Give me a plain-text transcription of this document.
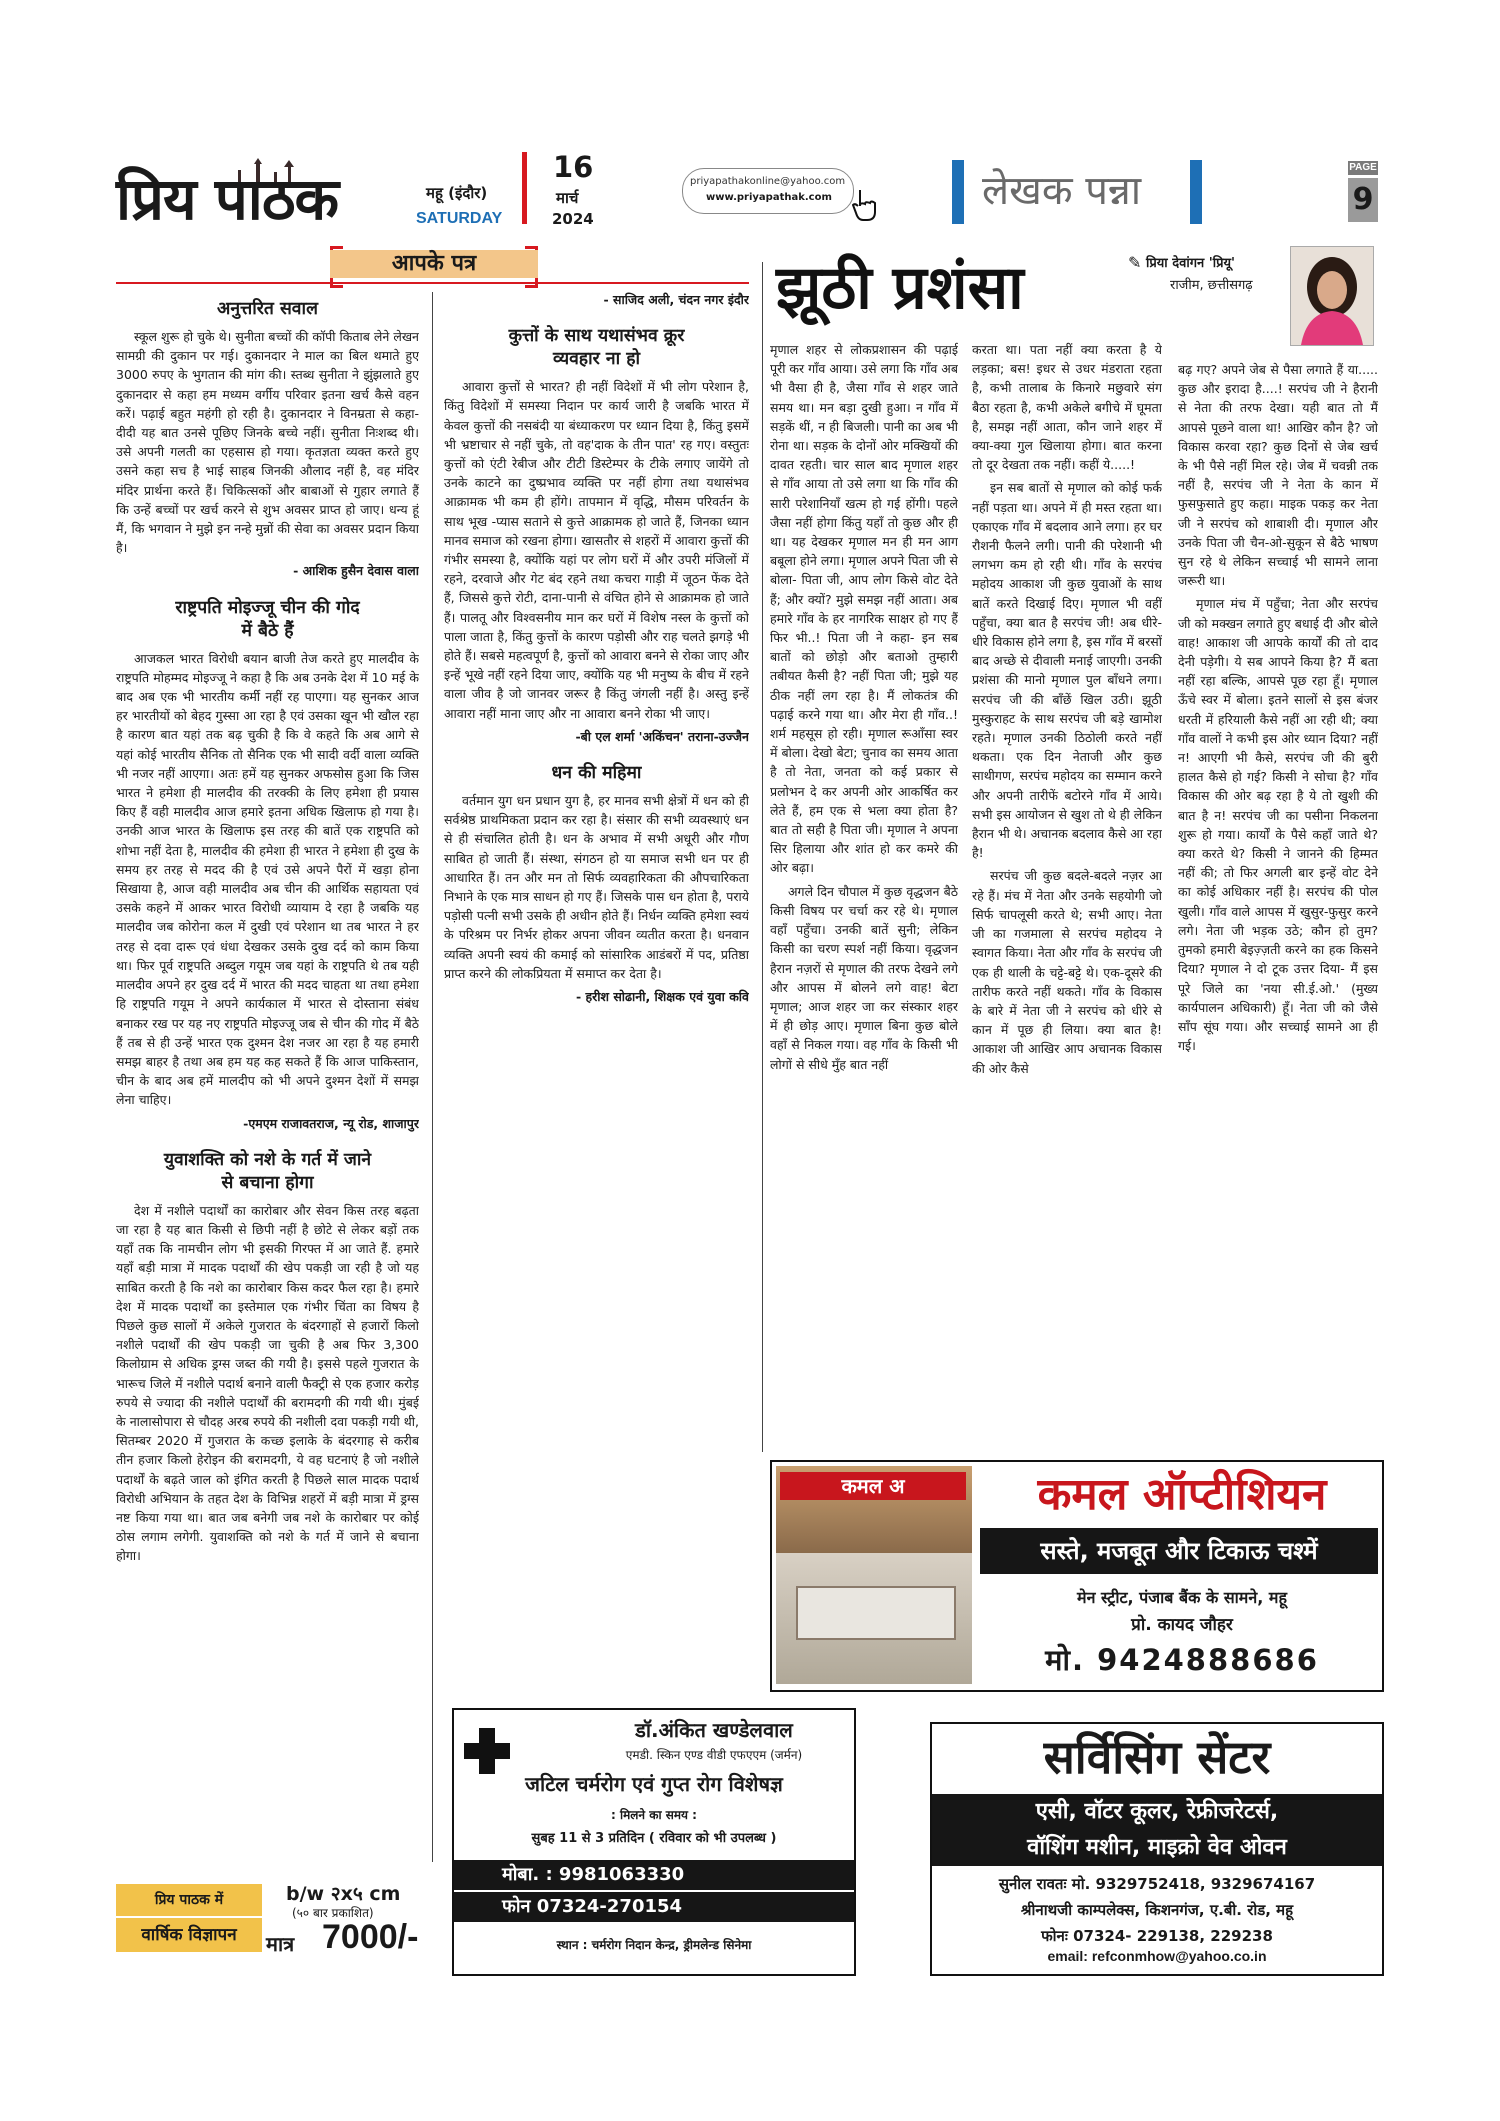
प्रिय पाठक	महू (इंदौर)
SATURDAY
16
मार्च
2024
priyapathakonline@yahoo.com
www.priyapathak.com	लेखक पन्ना
PAGE
9
आपके पत्र
अनुत्तरित सवाल

स्कूल शुरू हो चुके थे। सुनीता बच्चों की कॉपी किताब लेने लेखन सामग्री की दुकान पर गई। दुकानदार ने माल का बिल थमाते हुए 3000 रुपए के भुगतान की मांग की। स्तब्ध सुनीता ने झुंझलाते हुए दुकानदार से कहा हम मध्यम वर्गीय परिवार इतना खर्च कैसे वहन करें। पढ़ाई बहुत महंगी हो रही है। दुकानदार ने विनम्रता से कहा- दीदी यह बात उनसे पूछिए जिनके बच्चे नहीं। सुनीता निःशब्द थी। उसे अपनी गलती का एहसास हो गया। कृतज्ञता व्यक्त करते हुए उसने कहा सच है भाई साहब जिनकी औलाद नहीं है, वह मंदिर मंदिर प्रार्थना करते हैं। चिकित्सकों और बाबाओं से गुहार लगाते हैं कि उन्हें बच्चों पर खर्च करने से शुभ अवसर प्राप्त हो जाए। धन्य हूं मैं, कि भगवान ने मुझे इन नन्हे मुन्नों की सेवा का अवसर प्रदान किया है।

- आशिक हुसैन देवास वाला

राष्ट्रपति मोइज्जू चीन की गोद में बैठे हैं

आजकल भारत विरोधी बयान बाजी तेज करते हुए मालदीव के राष्ट्रपति मोहम्मद मोइज्जू ने कहा है कि अब उनके देश में 10 मई के बाद अब एक भी भारतीय कर्मी नहीं रह पाएगा। यह सुनकर आज हर भारतीयों को बेहद गुस्सा आ रहा है एवं उसका खून भी खौल रहा है कारण बात यहां तक बढ़ चुकी है कि वे कहते कि अब आगे से यहां कोई भारतीय सैनिक तो सैनिक एक भी सादी वर्दी वाला व्यक्ति भी नजर नहीं आएगा। अतः हमें यह सुनकर अफसोस हुआ कि जिस भारत ने हमेशा ही मालदीव की तरक्की के लिए हमेशा ही प्रयास किए हैं वही मालदीव आज हमारे इतना अधिक खिलाफ हो गया है। उनकी आज भारत के खिलाफ इस तरह की बातें एक राष्ट्रपति को शोभा नहीं देता है, मालदीव की हमेशा ही भारत ने हमेशा ही दुख के समय हर तरह से मदद की है एवं उसे अपने पैरों में खड़ा होना सिखाया है, आज वही मालदीव अब चीन की आर्थिक सहायता एवं उसके कहने में आकर भारत विरोधी व्यायाम दे रहा है जबकि यह मालदीव जब कोरोना कल में दुखी एवं परेशान था तब भारत ने हर तरह से दवा दारू एवं धंधा देखकर उसके दुख दर्द को काम किया था। फिर पूर्व राष्ट्रपति अब्दुल गयूम जब यहां के राष्ट्रपति थे तब यही मालदीव अपने हर दुख दर्द में भारत की मदद चाहता था तथा हमेशा हि राष्ट्रपति गयूम ने अपने कार्यकाल में भारत से दोस्ताना संबंध बनाकर रख पर यह नए राष्ट्रपति मोइज्जू जब से चीन की गोद में बैठे हैं तब से ही उन्हें भारत एक दुश्मन देश नजर आ रहा है यह हमारी समझ बाहर है तथा अब हम यह कह सकते हैं कि आज पाकिस्तान, चीन के बाद अब हमें मालदीप को भी अपने दुश्मन देशों में समझ लेना चाहिए।

-एमएम राजावतराज, न्यू रोड, शाजापुर

युवाशक्ति को नशे के गर्त में जाने से बचाना होगा

देश में नशीले पदार्थों का कारोबार और सेवन किस तरह बढ़ता जा रहा है यह बात किसी से छिपी नहीं है छोटे से लेकर बड़ों तक यहाँ तक कि नामचीन लोग भी इसकी गिरफ्त में आ जाते हैं. हमारे यहाँ बड़ी मात्रा में मादक पदार्थों की खेप पकड़ी जा रही है जो यह साबित करती है कि नशे का कारोबार किस कदर फैल रहा है। हमारे देश में मादक पदार्थों का इस्तेमाल एक गंभीर चिंता का विषय है पिछले कुछ सालों में अकेले गुजरात के बंदरगाहों से हजारों किलो नशीले पदार्थों की खेप पकड़ी जा चुकी है अब फिर 3,300 किलोग्राम से अधिक ड्रग्स जब्त की गयी है। इससे पहले गुजरात के भारूच जिले में नशीले पदार्थ बनाने वाली फैक्ट्री से एक हजार करोड़ रुपये से ज्यादा की नशीले पदार्थों की बरामदगी की गयी थी। मुंबई के नालासोपारा से चौदह अरब रुपये की नशीली दवा पकड़ी गयी थी, सितम्बर 2020 में गुजरात के कच्छ इलाके के बंदरगाह से करीब तीन हजार किलो हेरोइन की बरामदगी, ये वह घटनाएं है जो नशीले पदार्थों के बढ़ते जाल को इंगित करती है पिछले साल मादक पदार्थ विरोधी अभियान के तहत देश के विभिन्न शहरों में बड़ी मात्रा में ड्रग्स नष्ट किया गया था। बात जब बनेगी जब नशे के कारोबार पर कोई ठोस लगाम लगेगी. युवाशक्ति को नशे के गर्त में जाने से बचाना होगा।

- साजिद अली, चंदन नगर इंदौर

कुत्तों के साथ यथासंभव क्रूर व्यवहार ना हो

आवारा कुत्तों से भारत? ही नहीं विदेशों में भी लोग परेशान है, किंतु विदेशों में समस्या निदान पर कार्य जारी है जबकि भारत में केवल कुत्तों की नसबंदी या बंध्याकरण पर ध्यान दिया है, किंतु इसमें भी भ्रष्टाचार से नहीं चुके, तो वह'दाक के तीन पात' रह गए। वस्तुतः कुत्तों को एंटी रेबीज और टीटी डिस्टेम्पर के टीके लगाए जायेंगे तो उनके काटने का दुष्प्रभाव व्यक्ति पर नहीं होगा तथा यथासंभव आक्रामक भी कम ही होंगे। तापमान में वृद्धि, मौसम परिवर्तन के साथ भूख -प्यास सताने से कुत्ते आक्रामक हो जाते हैं, जिनका ध्यान मानव समाज को रखना होगा। खासतौर से शहरों में आवारा कुत्तों की गंभीर समस्या है, क्योंकि यहां पर लोग घरों में और उपरी मंजिलों में रहने, दरवाजे और गेट बंद रहने तथा कचरा गाड़ी में जूठन फेंक देते हैं, जिससे कुत्ते रोटी, दाना-पानी से वंचित होने से आक्रामक हो जाते हैं। पालतू और विश्वसनीय मान कर घरों में विशेष नस्ल के कुत्तों को पाला जाता है, किंतु कुत्तों के कारण पड़ोसी और राह चलते झगड़े भी होते हैं। सबसे महत्वपूर्ण है, कुत्तों को आवारा बनने से रोका जाए और इन्हें भूखे नहीं रहने दिया जाए, क्योंकि यह भी मनुष्य के बीच में रहने वाला जीव है जो जानवर जरूर है किंतु जंगली नहीं है। अस्तु इन्हें आवारा नहीं माना जाए और ना आवारा बनने रोका भी जाए।

-बी एल शर्मा 'अकिंचन' तराना-उज्जैन

धन की महिमा

वर्तमान युग धन प्रधान युग है, हर मानव सभी क्षेत्रों में धन को ही सर्वश्रेष्ठ प्राथमिकता प्रदान कर रहा है। संसार की सभी व्यवस्थाएं धन से ही संचालित होती है। धन के अभाव में सभी अधूरी और गौण साबित हो जाती हैं। संस्था, संगठन हो या समाज सभी धन पर ही आधारित हैं। तन और मन तो सिर्फ व्यवहारिकता की औपचारिकता निभाने के एक मात्र साधन हो गए हैं। जिसके पास धन होता है, पराये पड़ोसी पत्नी सभी उसके ही अधीन होते हैं। निर्धन व्यक्ति हमेशा स्वयं के परिश्रम पर निर्भर होकर अपना जीवन व्यतीत करता है। धनवान व्यक्ति अपनी स्वयं की कमाई को सांसारिक आडंबरों में पद, प्रतिष्ठा प्राप्त करने की लोकप्रियता में समाप्त कर देता है।

- हरीश सोढानी, शिक्षक एवं युवा कवि

झूठी प्रशंसा	✎ प्रिया देवांगन 'प्रियू'
राजीम, छत्तीसगढ़

मृणाल शहर से लोकप्रशासन की पढ़ाई पूरी कर गाँव आया। उसे लगा कि गाँव अब भी वैसा ही है, जैसा गाँव से शहर जाते समय था। मन बड़ा दुखी हुआ। न गाँव में सड़कें थीं, न ही बिजली। पानी का अब भी रोना था। सड़क के दोनों ओर मक्खियों की दावत रहती। चार साल बाद मृणाल शहर से गाँव आया तो उसे लगा था कि गाँव की सारी परेशानियाँ खत्म हो गई होंगी। पहले जैसा नहीं होगा किंतु यहाँ तो कुछ और ही था। यह देखकर मृणाल मन ही मन आग बबूला होने लगा। मृणाल अपने पिता जी से बोला- पिता जी, आप लोग किसे वोट देते हैं; और क्यों? मुझे समझ नहीं आता। अब हमारे गाँव के हर नागरिक साक्षर हो गए हैं फिर भी..! पिता जी ने कहा- इन सब बातों को छोड़ो और बताओ तुम्हारी तबीयत कैसी है? नहीं पिता जी; मुझे यह ठीक नहीं लग रहा है। मैं लोकतंत्र की पढ़ाई करने गया था। और मेरा ही गाँव..! शर्म महसूस हो रही। मृणाल रूआँसा स्वर में बोला। देखो बेटा; चुनाव का समय आता है तो नेता, जनता को कई प्रकार से प्रलोभन दे कर अपनी ओर आकर्षित कर लेते हैं, हम एक से भला क्या होता है? बात तो सही है पिता जी। मृणाल ने अपना सिर हिलाया और शांत हो कर कमरे की ओर बढ़ा।

अगले दिन चौपाल में कुछ वृद्धजन बैठे किसी विषय पर चर्चा कर रहे थे। मृणाल वहाँ पहुँचा। उनकी बातें सुनी; लेकिन किसी का चरण स्पर्श नहीं किया। वृद्धजन हैरान नज़रों से मृणाल की तरफ देखने लगे और आपस में बोलने लगे वाह! बेटा मृणाल; आज शहर जा कर संस्कार शहर में ही छोड़ आए। मृणाल बिना कुछ बोले वहाँ से निकल गया। वह गाँव के किसी भी लोगों से सीधे मुँह बात नहीं

करता था। पता नहीं क्या करता है ये लड़का; बस! इधर से उधर मंडराता रहता है, कभी तालाब के किनारे मछुवारे संग बैठा रहता है, कभी अकेले बगीचे में घूमता है, समझ नहीं आता, कौन जाने शहर में क्या-क्या गुल खिलाया होगा। बात करना तो दूर देखता तक नहीं। कहीं ये.....!

इन सब बातों से मृणाल को कोई फर्क नहीं पड़ता था। अपने में ही मस्त रहता था। एकाएक गाँव में बदलाव आने लगा। हर घर रौशनी फैलने लगी। पानी की परेशानी भी लगभग कम हो रही थी। गाँव के सरपंच महोदय आकाश जी कुछ युवाओं के साथ बातें करते दिखाई दिए। मृणाल भी वहीं पहुँचा, क्या बात है सरपंच जी! अब धीरे-धीरे विकास होने लगा है, इस गाँव में बरसों बाद अच्छे से दीवाली मनाई जाएगी। उनकी प्रशंसा की मानो मृणाल पुल बाँधने लगा। सरपंच जी की बाँछें खिल उठी। झूठी मुस्कुराहट के साथ सरपंच जी बड़े खामोश रहते। मृणाल उनकी ठिठोली करते नहीं थकता। एक दिन नेताजी और कुछ साथीगण, सरपंच महोदय का सम्मान करने और अपनी तारीफें बटोरने गाँव में आये। सभी इस आयोजन से खुश तो थे ही लेकिन हैरान भी थे। अचानक बदलाव कैसे आ रहा है!

सरपंच जी कुछ बदले-बदले नज़र आ रहे हैं। मंच में नेता और उनके सहयोगी जो सिर्फ चापलूसी करते थे; सभी आए। नेता जी का गजमाला से सरपंच महोदय ने स्वागत किया। नेता और गाँव के सरपंच जी एक ही थाली के चट्टे-बट्टे थे। एक-दूसरे की तारीफ करते नहीं थकते। गाँव के विकास के बारे में नेता जी ने सरपंच को धीरे से कान में पूछ ही लिया। क्या बात है! आकाश जी आखिर आप अचानक विकास की ओर कैसे

बढ़ गए? अपने जेब से पैसा लगाते हैं या..... कुछ और इरादा है....! सरपंच जी ने हैरानी से नेता की तरफ देखा। यही बात तो मैं आपसे पूछने वाला था! आखिर कौन है? जो विकास करवा रहा? कुछ दिनों से जेब खर्च के भी पैसे नहीं मिल रहे। जेब में चवन्नी तक नहीं है, सरपंच जी ने नेता के कान में फुसफुसाते हुए कहा। माइक पकड़ कर नेता जी ने सरपंच को शाबाशी दी। मृणाल और उनके पिता जी चैन-ओ-सुकून से बैठे भाषण सुन रहे थे लेकिन सच्चाई भी सामने लाना जरूरी था।

मृणाल मंच में पहुँचा; नेता और सरपंच जी को मक्खन लगाते हुए बधाई दी और बोले वाह! आकाश जी आपके कार्यों की तो दाद देनी पड़ेगी। ये सब आपने किया है? मैं बता नहीं रहा बल्कि, आपसे पूछ रहा हूँ। मृणाल ऊँचे स्वर में बोला। इतने सालों से इस बंजर धरती में हरियाली कैसे नहीं आ रही थी; क्या गाँव वालों ने कभी इस ओर ध्यान दिया? नहीं न! आएगी भी कैसे, सरपंच जी की बुरी हालत कैसे हो गई? किसी ने सोचा है? गाँव विकास की ओर बढ़ रहा है ये तो खुशी की बात है न! सरपंच जी का पसीना निकलना शुरू हो गया। कार्यों के पैसे कहाँ जाते थे? क्या करते थे? किसी ने जानने की हिम्मत नहीं की; तो फिर अगली बार इन्हें वोट देने का कोई अधिकार नहीं है। सरपंच की पोल खुली। गाँव वाले आपस में खुसुर-फुसुर करने लगे। नेता जी भड़क उठे; कौन हो तुम? तुमको हमारी बेइज़्ज़ती करने का हक किसने दिया? मृणाल ने दो टूक उत्तर दिया- मैं इस पूरे जिले का 'नया सी.ई.ओ.' (मुख्य कार्यपालन अधिकारी) हूँ। नेता जी को जैसे साँप सूंघ गया। और सच्चाई सामने आ ही गई।

कमल अ	कमल ऑप्टीशियन
सस्ते, मजबूत और टिकाऊ चश्में
मेन स्ट्रीट, पंजाब बैंक के सामने, महू
प्रो. कायद जौहर
मो. 9424888686
प्रिय पाठक में
वार्षिक विज्ञापन
b/w २x५ cm
(५० बार प्रकाशित)
मात्र 7000/-
डॉ.अंकित खण्डेलवाल
एमडी. स्किन एण्ड वीडी एफएएम (जर्मन)
जटिल चर्मरोग एवं गुप्त रोग विशेषज्ञ
: मिलने का समय :
सुबह 11 से 3 प्रतिदिन ( रविवार को भी उपलब्ध )
मोबा. : 9981063330
फोन 07324-270154
स्थान : चर्मरोग निदान केन्द्र, ड्रीमलेन्ड सिनेमा
सर्विसिंग सेंटर
एसी, वॉटर कूलर, रेफ्रीजरेटर्स,
वॉशिंग मशीन, माइक्रो वेव ओवन
सुनील रावतः मो. 9329752418, 9329674167
श्रीनाथजी काम्पलेक्स, किशनगंज, ए.बी. रोड, महू
फोनः 07324- 229138, 229238
email: refconmhow@yahoo.co.in
